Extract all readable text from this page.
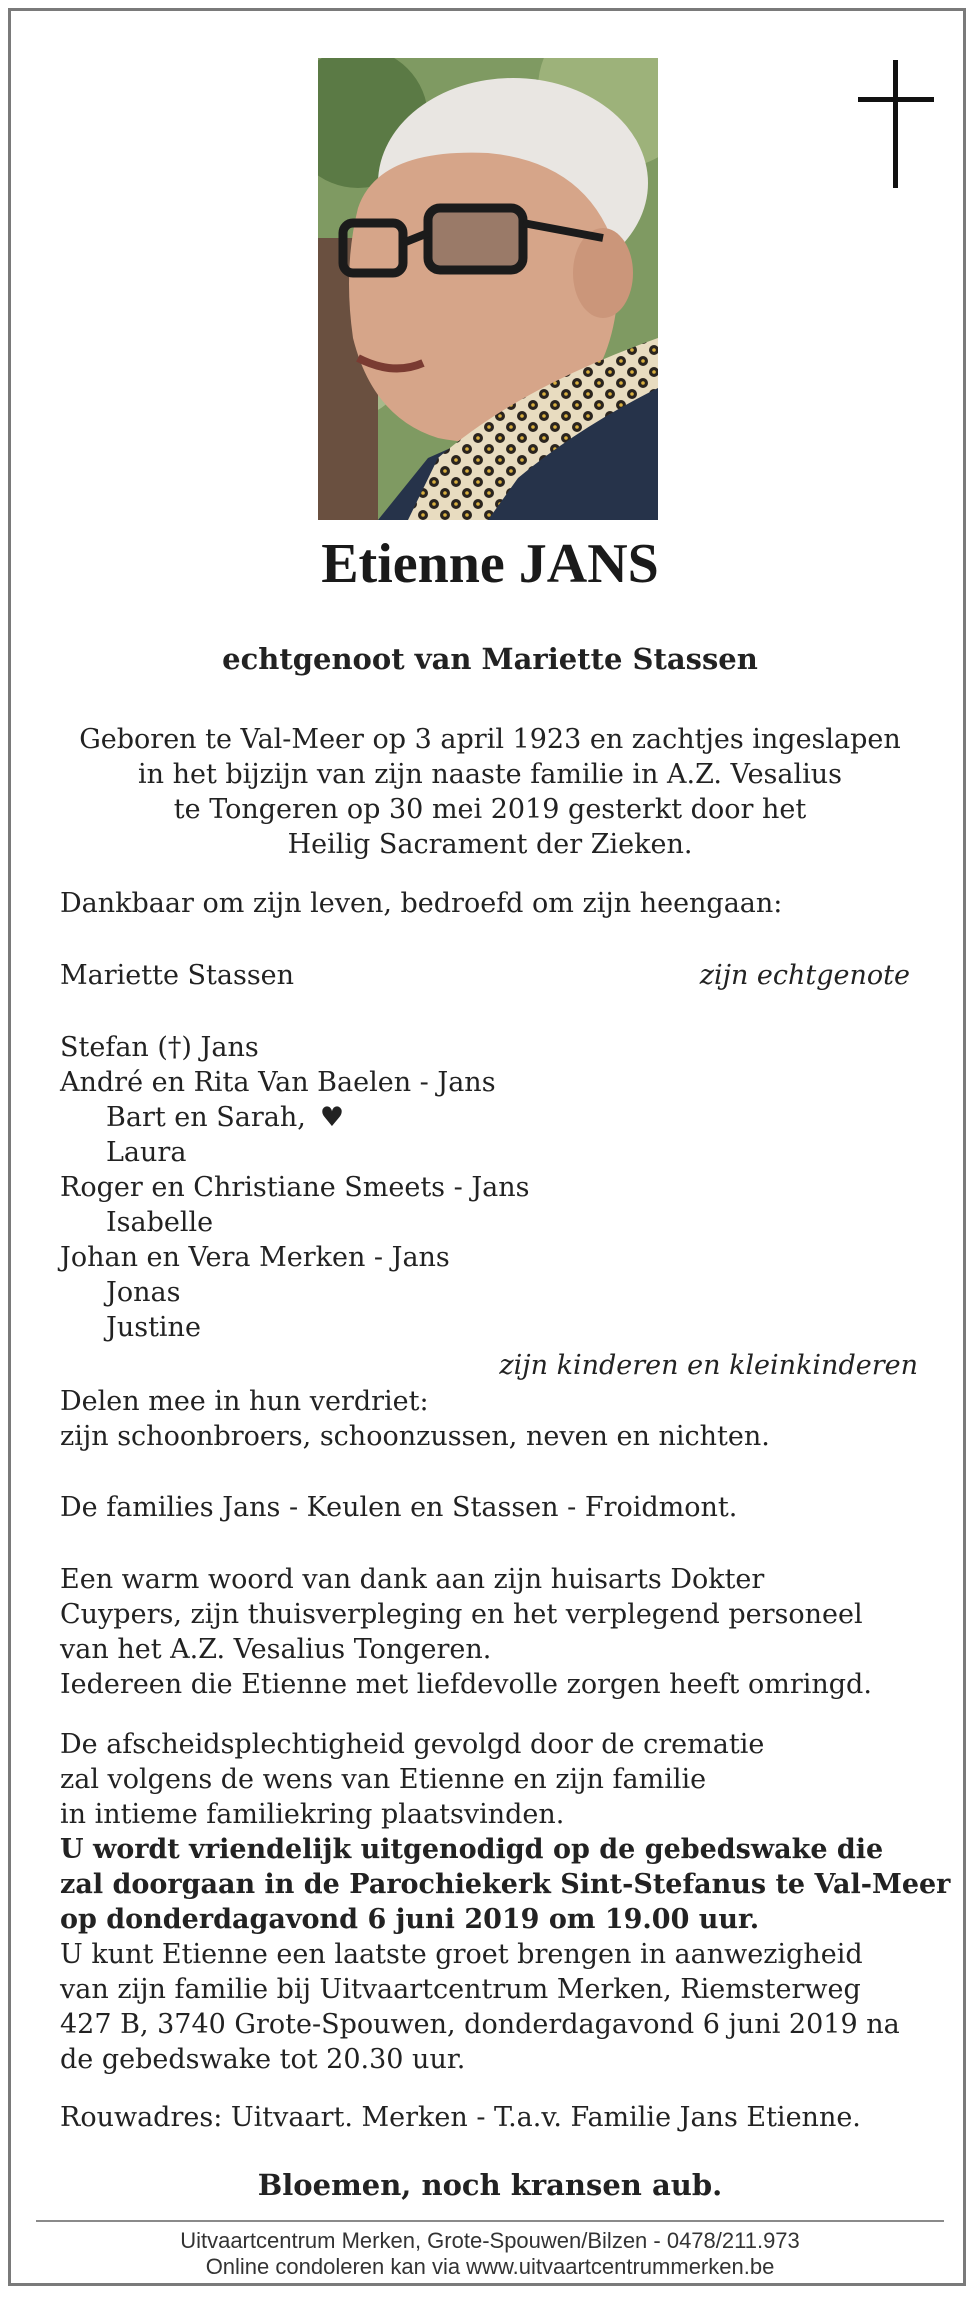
Etienne JANS
echtgenoot van Mariette Stassen
Geboren te Val-Meer op 3 april 1923 en zachtjes ingeslapen
in het bijzijn van zijn naaste familie in A.Z. Vesalius
te Tongeren op 30 mei 2019 gesterkt door het
Heilig Sacrament der Zieken.
Dankbaar om zijn leven, bedroefd om zijn heengaan:
Mariette Stassen	zijn echtgenote
Stefan (†) Jans
André en Rita Van Baelen - Jans
Bart en Sarah, ♥
Laura
Roger en Christiane Smeets - Jans
Isabelle
Johan en Vera Merken - Jans
Jonas
Justine
zijn kinderen en kleinkinderen
Delen mee in hun verdriet:
zijn schoonbroers, schoonzussen, neven en nichten.
De families Jans - Keulen en Stassen - Froidmont.
Een warm woord van dank aan zijn huisarts Dokter
Cuypers, zijn thuisverpleging en het verplegend personeel
van het A.Z. Vesalius Tongeren.
Iedereen die Etienne met liefdevolle zorgen heeft omringd.
De afscheidsplechtigheid gevolgd door de crematie
zal volgens de wens van Etienne en zijn familie
in intieme familiekring plaatsvinden.
U wordt vriendelijk uitgenodigd op de gebedswake die
zal doorgaan in de Parochiekerk Sint-Stefanus te Val-Meer
op donderdagavond 6 juni 2019 om 19.00 uur.
U kunt Etienne een laatste groet brengen in aanwezigheid
van zijn familie bij Uitvaartcentrum Merken, Riemsterweg
427 B, 3740 Grote-Spouwen, donderdagavond 6 juni 2019 na
de gebedswake tot 20.30 uur.
Rouwadres: Uitvaart. Merken - T.a.v. Familie Jans Etienne.
Bloemen, noch kransen aub.
Uitvaartcentrum Merken, Grote-Spouwen/Bilzen - 0478/211.973
Online condoleren kan via www.uitvaartcentrummerken.be
